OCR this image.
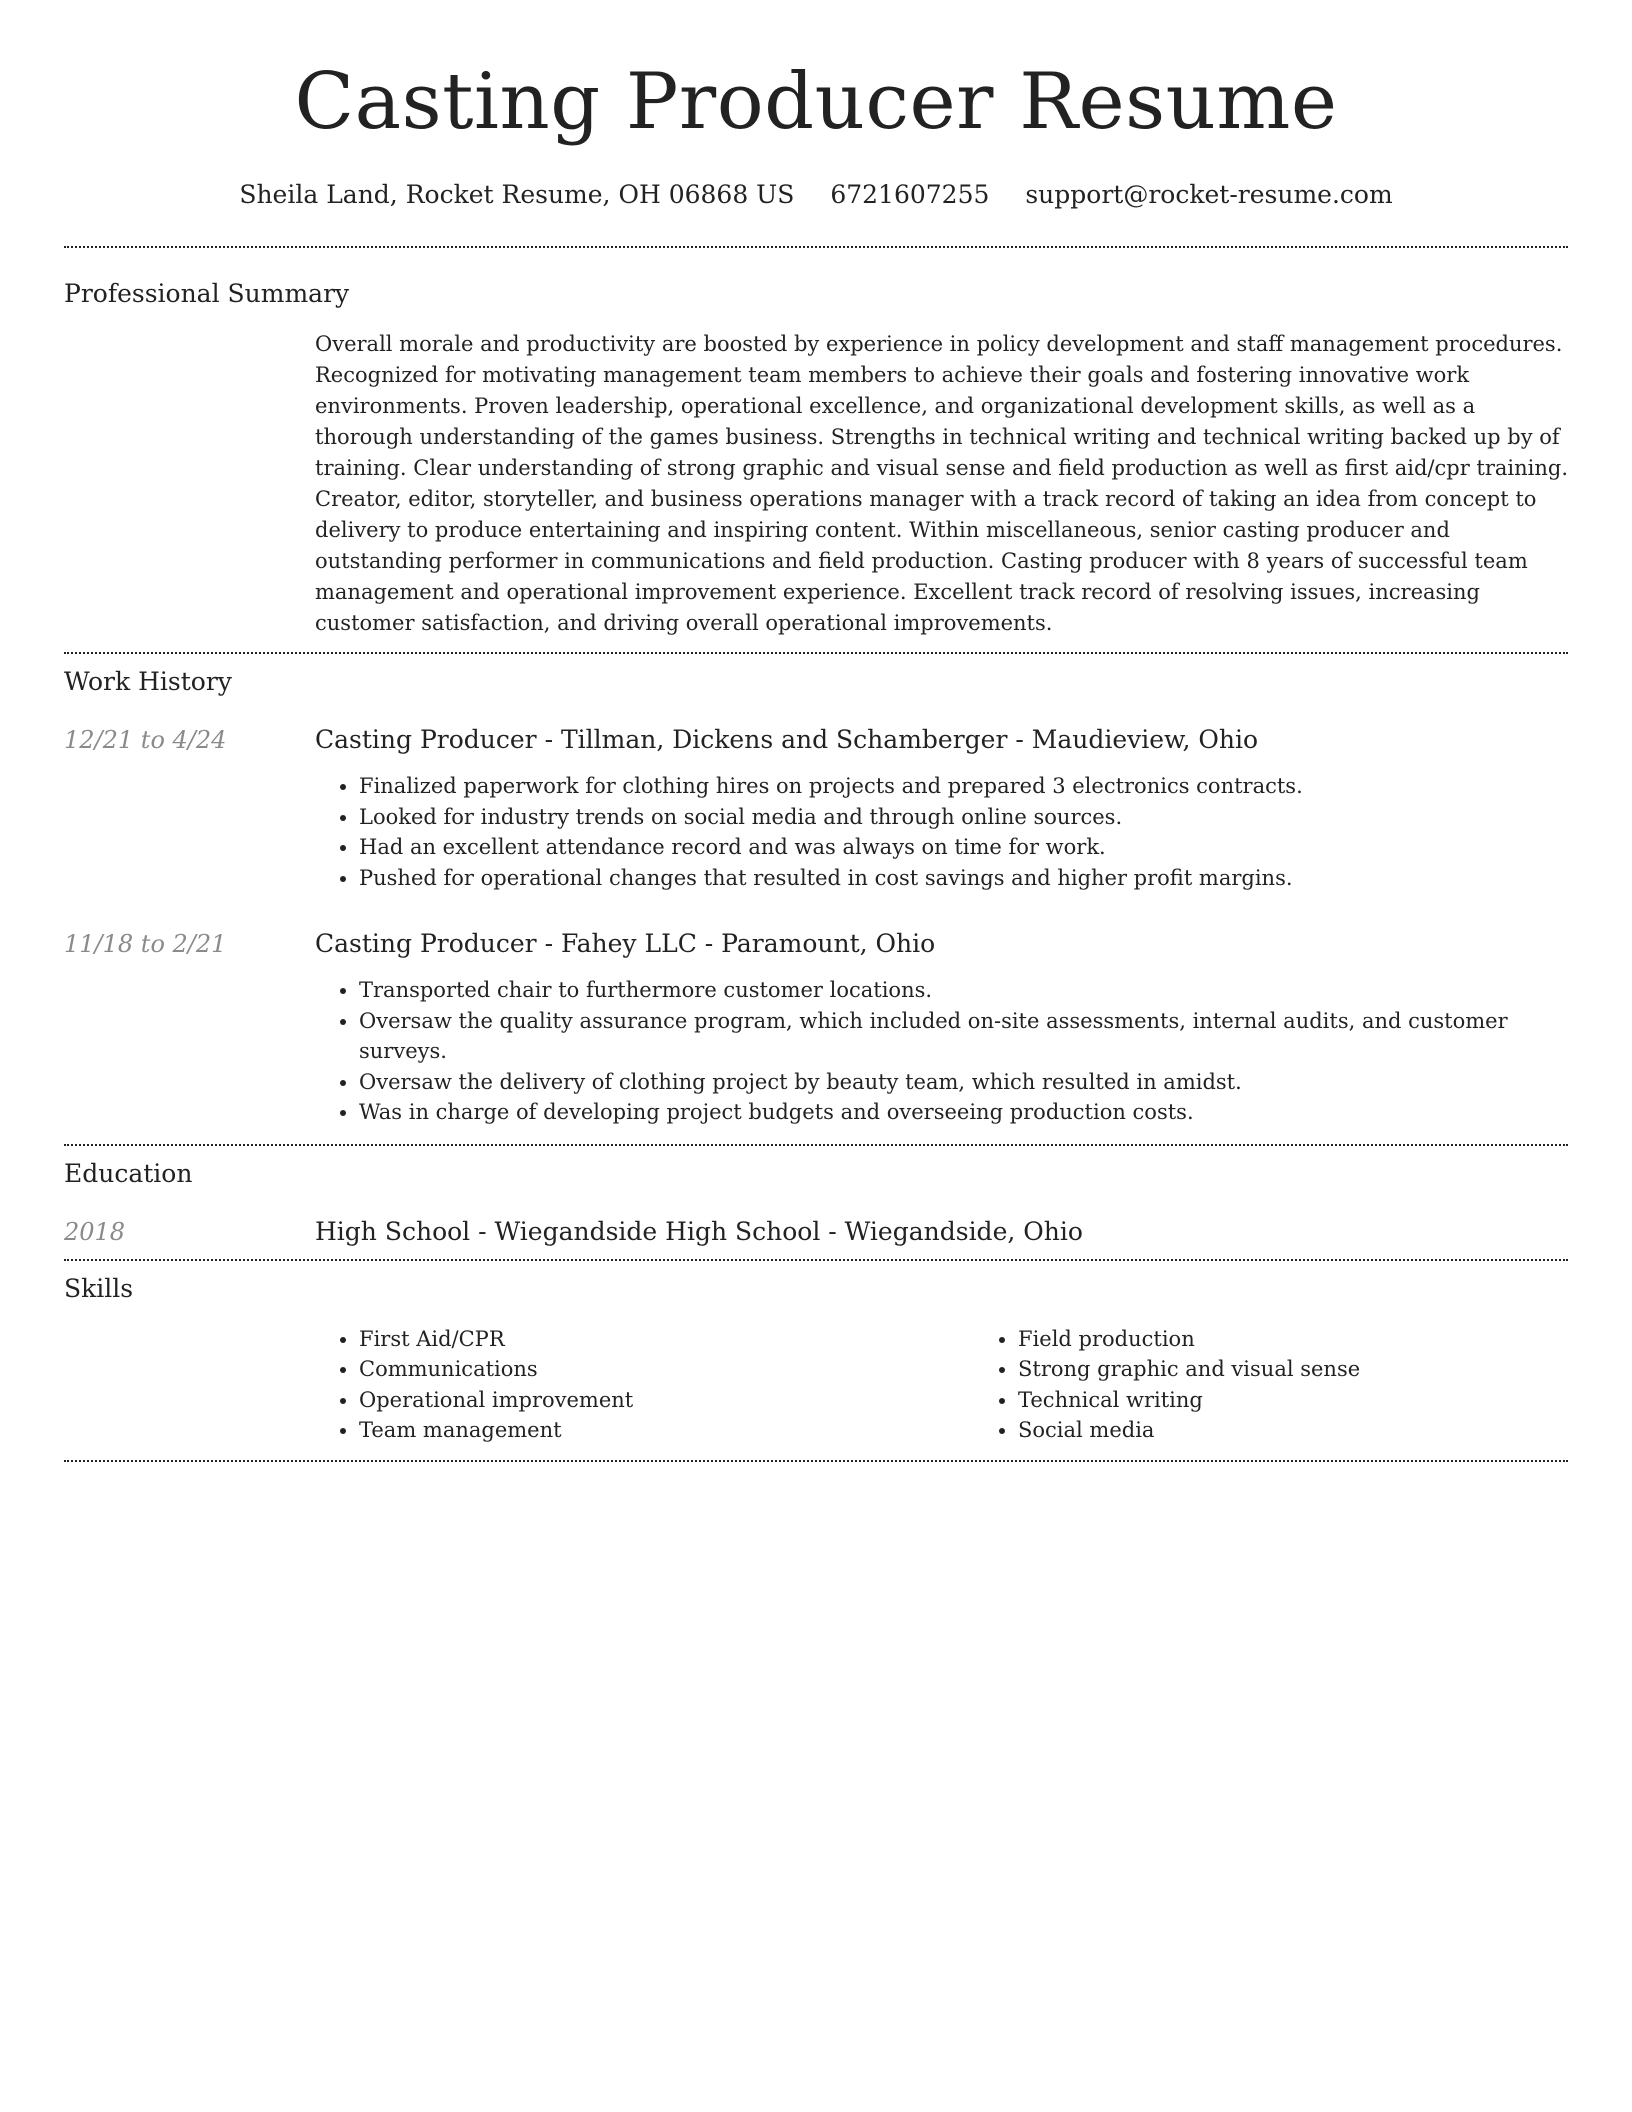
Casting Producer Resume
Sheila Land, Rocket Resume, OH 06868 US 6721607255 support@rocket-resume.com
Professional Summary

Overall morale and productivity are boosted by experience in policy development and staff management procedures. Recognized for motivating management team members to achieve their goals and fostering innovative work environments. Proven leadership, operational excellence, and organizational development skills, as well as a thorough understanding of the games business. Strengths in technical writing and technical writing backed up by of training. Clear understanding of strong graphic and visual sense and field production as well as first aid/cpr training. Creator, editor, storyteller, and business operations manager with a track record of taking an idea from concept to delivery to produce entertaining and inspiring content. Within miscellaneous, senior casting producer and outstanding performer in communications and field production. Casting producer with 8 years of successful team management and operational improvement experience. Excellent track record of resolving issues, increasing customer satisfaction, and driving overall operational improvements.

Work History
12/21 to 4/24	Casting Producer - Tillman, Dickens and Schamberger - Maudieview, Ohio
• Finalized paperwork for clothing hires on projects and prepared 3 electronics contracts.
• Looked for industry trends on social media and through online sources.
• Had an excellent attendance record and was always on time for work.
• Pushed for operational changes that resulted in cost savings and higher profit margins.
11/18 to 2/21	Casting Producer - Fahey LLC - Paramount, Ohio
• Transported chair to furthermore customer locations.
• Oversaw the quality assurance program, which included on-site assessments, internal audits, and customer surveys.
• Oversaw the delivery of clothing project by beauty team, which resulted in amidst.
• Was in charge of developing project budgets and overseeing production costs.
Education
2018	High School - Wiegandside High School - Wiegandside, Ohio
Skills
• First Aid/CPR
• Communications
• Operational improvement
• Team management
• Field production
• Strong graphic and visual sense
• Technical writing
• Social media
